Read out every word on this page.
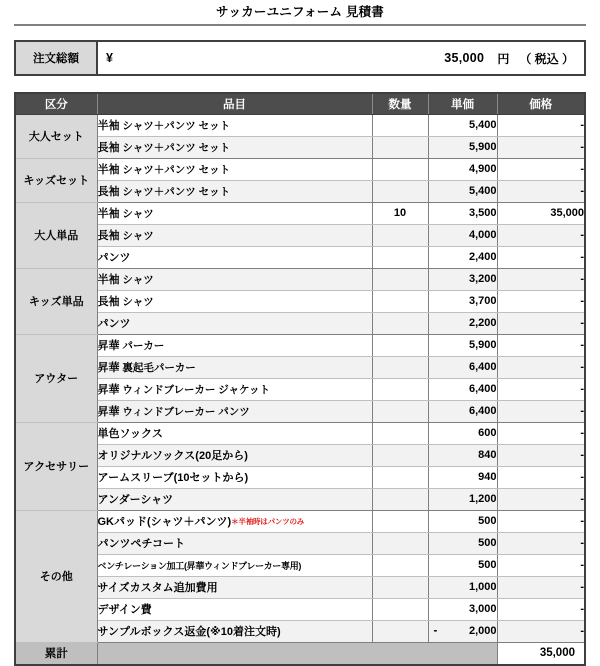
サッカーユニフォーム 見積書
注文総額	¥	35,000 円 （ 税込 ）
区分	品目	数量	単価	価格
大人セット	半袖 シャツ＋パンツ セット		5,400	-
	長袖 シャツ＋パンツ セット		5,900	-
キッズセット	半袖 シャツ＋パンツ セット		4,900	-
	長袖 シャツ＋パンツ セット		5,400	-
大人単品	半袖 シャツ	10	3,500	35,000
	長袖 シャツ		4,000	-
	パンツ		2,400	-
キッズ単品	半袖 シャツ		3,200	-
	長袖 シャツ		3,700	-
	パンツ		2,200	-
アウター	昇華 パーカー		5,900	-
	昇華 裏起毛パーカー		6,400	-
	昇華 ウィンドブレーカー ジャケット		6,400	-
	昇華 ウィンドブレーカー パンツ		6,400	-
アクセサリー	単色ソックス		600	-
	オリジナルソックス(20足から)		840	-
	アームスリーブ(10セットから)		940	-
	アンダーシャツ		1,200	-
その他	GKパッド(シャツ＋パンツ)＊半袖時はパンツのみ		500	-
	パンツペチコート		500	-
	ベンチレーション加工(昇華ウィンドブレーカー専用)		500	-
	サイズカスタム追加費用		1,000	-
	デザイン費		3,000	-
	サンプルボックス返金(※10着注文時)		- 2,000	-
累計				35,000
